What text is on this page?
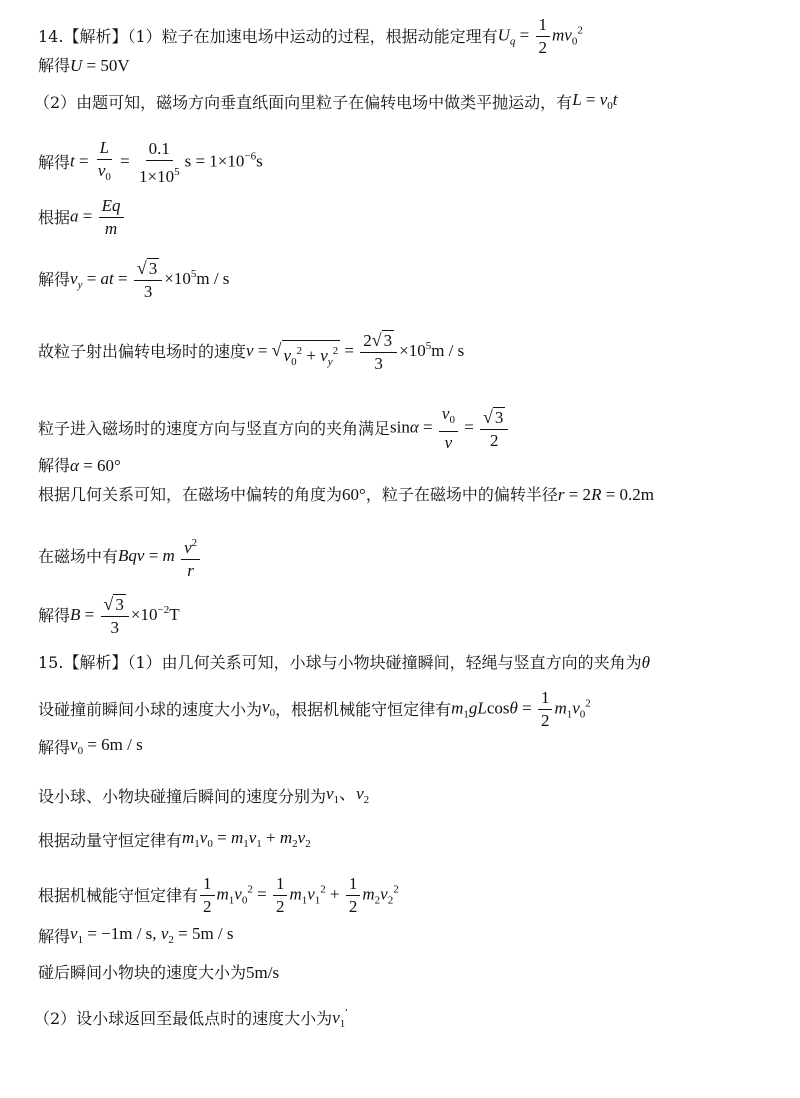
14.【解析】（1）粒子在加速电场中运动的过程，根据动能定理有 $U_q = \frac{1}{2} mv_0^2$
解得 U = 50V
（2）由题可知，磁场方向垂直纸面向里粒子在偏转电场中做类平抛运动，有 $L = v_0t$
解得 $t = \frac{L}{v_0} = \frac{0.1}{1\times 10^5}$ $s = 1\times 10^{-6}s$
根据 $a = \frac{Eq}{m}$
解得 $v_y$ = at = $\frac{√ 3}{3} \times 10^5m / s$
故粒子射出偏转电场时的速度 v = √ $v_0^2 + v_y^2 = \frac{2 √ 3}{3} \times 10^5m / s$
粒子进入磁场时的速度方向与竖直方向的夹角满足 $\sin\alpha = \frac{v_0}{v} = \frac{√ 3}{2}$
解得 α = 60°
根据几何关系可知，在磁场中偏转的角度为 60° ，粒子在磁场中的偏转半径 r = 2R = 0.2m
在磁场中有 Bqv = m $\frac{v^2}{r}$
解得 $B = \frac{√ 3}{3} \times 10^{-2}T$
15.【解析】（1）由几何关系可知，小球与小物块碰撞瞬间，轻绳与竖直方向的夹角为 θ
设碰撞前瞬间小球的速度大小为 $v_0$ ，根据机械能守恒定律有 $m_1gLcos\theta = \frac{1}{2} m_1v_0^2$
解得 $v_0 = 6m / s$
设小球、小物块碰撞后瞬间的速度分别为 $v_1$、$v_2$
根据动量守恒定律有 $m_1v_0 = m_1v_1 + m_2v_2$
根据机械能守恒定律有 $\frac{1}{2} m_1v_0^2 = \frac{1}{2} m_1v_1^2 + \frac{1}{2} m_2v_2^2$
解得 $v_1 = -1m / s$, $v_2 = 5m / s$
碰后瞬间小物块的速度大小为 5m/s
（2）设小球返回至最低点时的速度大小为 $v_1'$
